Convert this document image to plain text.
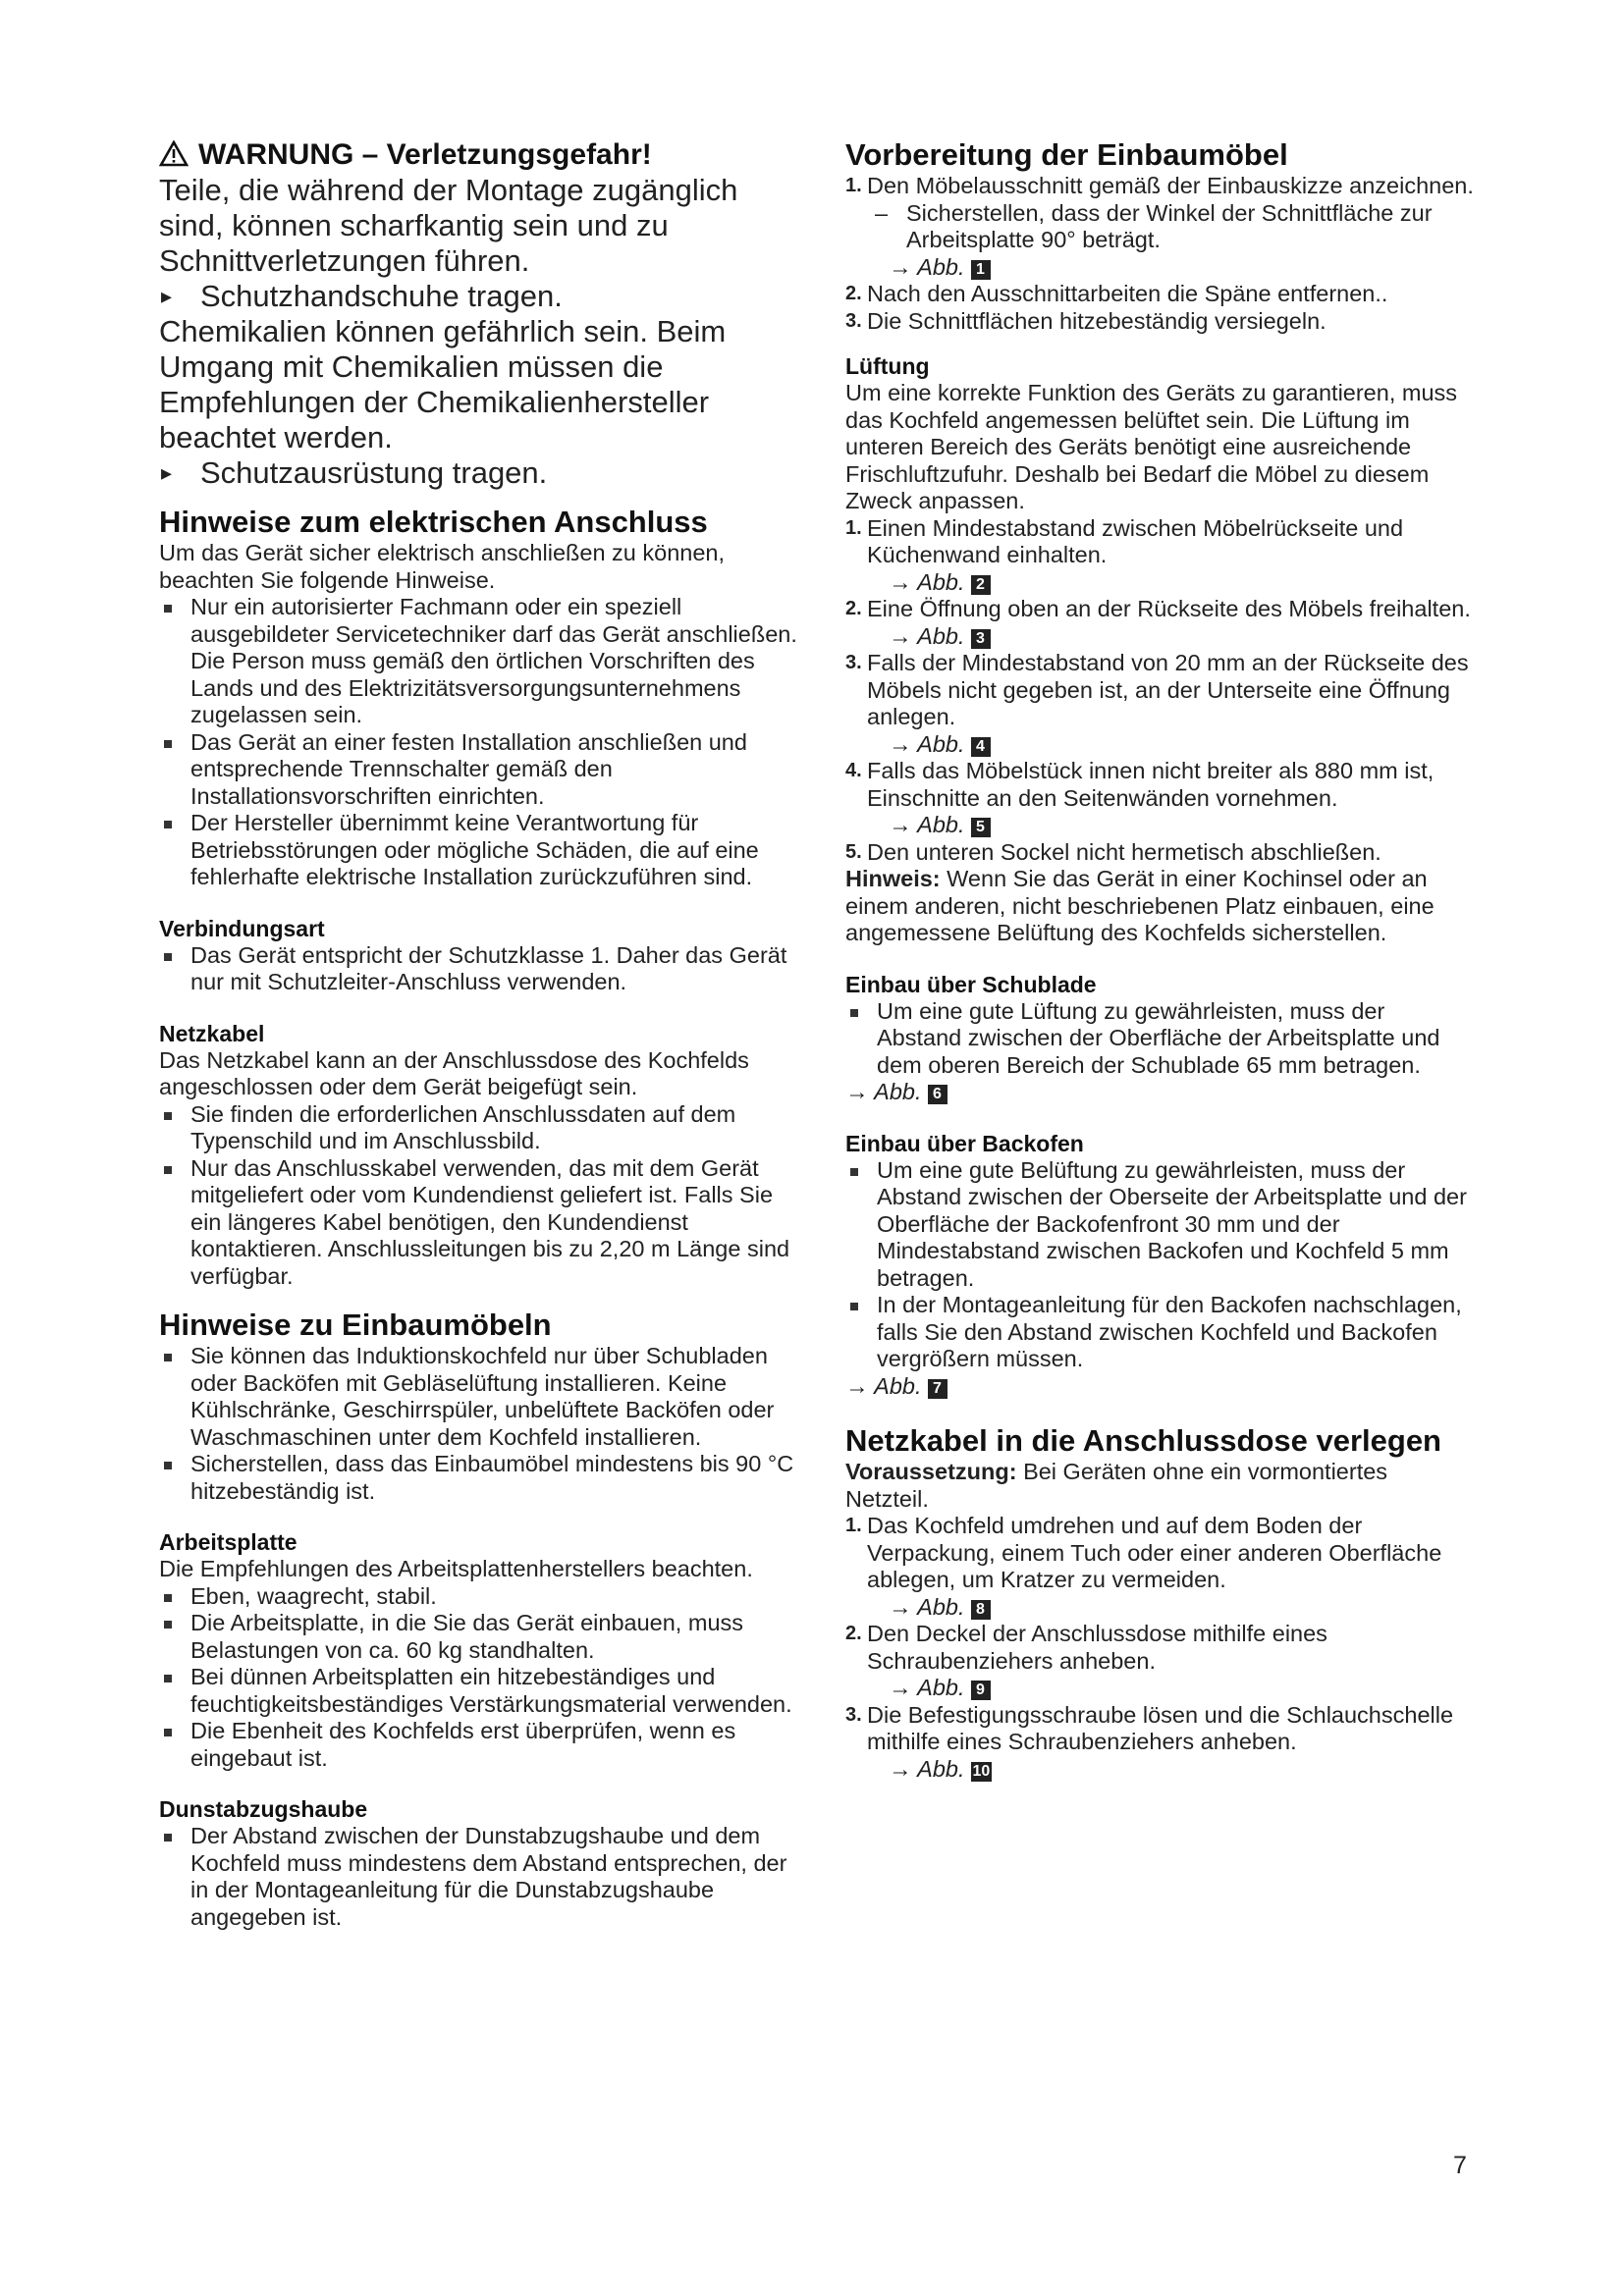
WARNUNG – Verletzungsgefahr!

Teile, die während der Montage zugänglich sind, können scharfkantig sein und zu Schnittverletzungen führen.

▸ Schutzhandschuhe tragen.

Chemikalien können gefährlich sein. Beim Umgang mit Chemikalien müssen die Empfehlungen der Chemikalienhersteller beachtet werden.

▸ Schutzausrüstung tragen.
Hinweise zum elektrischen Anschluss

Um das Gerät sicher elektrisch anschließen zu können, beachten Sie folgende Hinweise.

Nur ein autorisierter Fachmann oder ein speziell ausgebildeter Servicetechniker darf das Gerät anschließen. Die Person muss gemäß den örtlichen Vorschriften des Lands und des Elektrizitätsversorgungsunternehmens zugelassen sein.
Das Gerät an einer festen Installation anschließen und entsprechende Trennschalter gemäß den Installationsvorschriften einrichten.
Der Hersteller übernimmt keine Verantwortung für Betriebsstörungen oder mögliche Schäden, die auf eine fehlerhafte elektrische Installation zurückzuführen sind.
Verbindungsart
Das Gerät entspricht der Schutzklasse 1. Daher das Gerät nur mit Schutzleiter-Anschluss verwenden.
Netzkabel

Das Netzkabel kann an der Anschlussdose des Kochfelds angeschlossen oder dem Gerät beigefügt sein.

Sie finden die erforderlichen Anschlussdaten auf dem Typenschild und im Anschlussbild.
Nur das Anschlusskabel verwenden, das mit dem Gerät mitgeliefert oder vom Kundendienst geliefert ist. Falls Sie ein längeres Kabel benötigen, den Kundendienst kontaktieren. Anschlussleitungen bis zu 2,20 m Länge sind verfügbar.
Hinweise zu Einbaumöbeln
Sie können das Induktionskochfeld nur über Schubladen oder Backöfen mit Gebläselüftung installieren. Keine Kühlschränke, Geschirrspüler, unbelüftete Backöfen oder Waschmaschinen unter dem Kochfeld installieren.
Sicherstellen, dass das Einbaumöbel mindestens bis 90 °C hitzebeständig ist.
Arbeitsplatte

Die Empfehlungen des Arbeitsplattenherstellers beachten.

Eben, waagrecht, stabil.
Die Arbeitsplatte, in die Sie das Gerät einbauen, muss Belastungen von ca. 60 kg standhalten.
Bei dünnen Arbeitsplatten ein hitzebeständiges und feuchtigkeitsbeständiges Verstärkungsmaterial verwenden.
Die Ebenheit des Kochfelds erst überprüfen, wenn es eingebaut ist.
Dunstabzugshaube
Der Abstand zwischen der Dunstabzugshaube und dem Kochfeld muss mindestens dem Abstand entsprechen, der in der Montageanleitung für die Dunstabzugshaube angegeben ist.
Vorbereitung der Einbaumöbel
1. Den Möbelausschnitt gemäß der Einbauskizze anzeichnen.
– Sicherstellen, dass der Winkel der Schnittfläche zur Arbeitsplatte 90° beträgt.
→ Abb. 1
2. Nach den Ausschnittarbeiten die Späne entfernen..
3. Die Schnittflächen hitzebeständig versiegeln.
Lüftung

Um eine korrekte Funktion des Geräts zu garantieren, muss das Kochfeld angemessen belüftet sein. Die Lüftung im unteren Bereich des Geräts benötigt eine ausreichende Frischluftzufuhr. Deshalb bei Bedarf die Möbel zu diesem Zweck anpassen.

1. Einen Mindestabstand zwischen Möbelrückseite und Küchenwand einhalten.
→ Abb. 2
2. Eine Öffnung oben an der Rückseite des Möbels freihalten.
→ Abb. 3
3. Falls der Mindestabstand von 20 mm an der Rückseite des Möbels nicht gegeben ist, an der Unterseite eine Öffnung anlegen.
→ Abb. 4
4. Falls das Möbelstück innen nicht breiter als 880 mm ist, Einschnitte an den Seitenwänden vornehmen.
→ Abb. 5
5. Den unteren Sockel nicht hermetisch abschließen.

Hinweis: Wenn Sie das Gerät in einer Kochinsel oder an einem anderen, nicht beschriebenen Platz einbauen, eine angemessene Belüftung des Kochfelds sicherstellen.

Einbau über Schublade
Um eine gute Lüftung zu gewährleisten, muss der Abstand zwischen der Oberfläche der Arbeitsplatte und dem oberen Bereich der Schublade 65 mm betragen.
→ Abb. 6
Einbau über Backofen
Um eine gute Belüftung zu gewährleisten, muss der Abstand zwischen der Oberseite der Arbeitsplatte und der Oberfläche der Backofenfront 30 mm und der Mindestabstand zwischen Backofen und Kochfeld 5 mm betragen.
In der Montageanleitung für den Backofen nachschlagen, falls Sie den Abstand zwischen Kochfeld und Backofen vergrößern müssen.
→ Abb. 7
Netzkabel in die Anschlussdose verlegen

Voraussetzung: Bei Geräten ohne ein vormontiertes Netzteil.

1. Das Kochfeld umdrehen und auf dem Boden der Verpackung, einem Tuch oder einer anderen Oberfläche ablegen, um Kratzer zu vermeiden.
→ Abb. 8
2. Den Deckel der Anschlussdose mithilfe eines Schraubenziehers anheben.
→ Abb. 9
3. Die Befestigungsschraube lösen und die Schlauchschelle mithilfe eines Schraubenziehers anheben.
→ Abb. 10
7
